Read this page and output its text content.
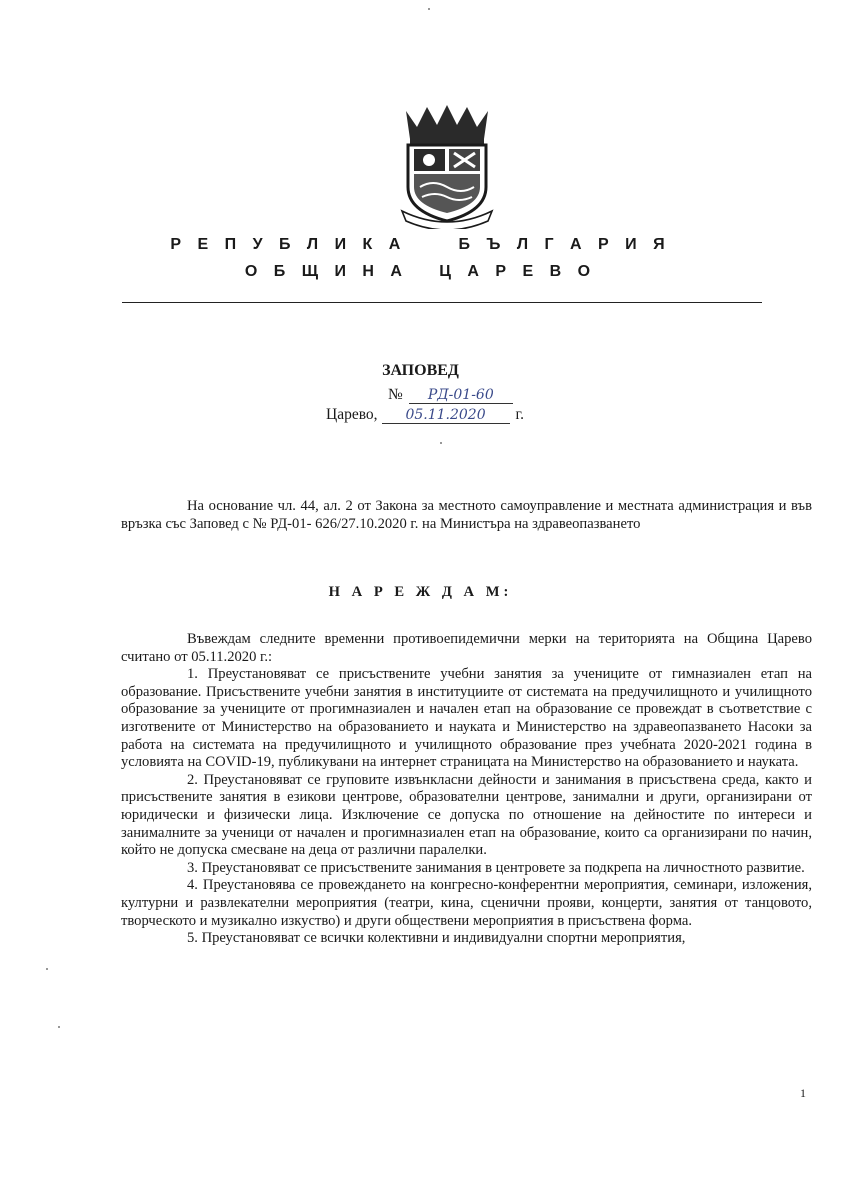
Р Е П У Б Л И К А     Б Ъ Л Г А Р И Я
О Б Щ И Н А   Ц А Р Е В О
ЗАПОВЕД
№ РД-01-60
Царево, 05.11.2020 г.

На основание чл. 44, ал. 2 от Закона за местното самоуправление и местната администрация и във връзка със Заповед с № РД-01- 626/27.10.2020 г. на Министъра на здравеопазването

Н А Р Е Ж Д А М:

Въвеждам следните временни противоепидемични мерки на територията на Община Царево считано от 05.11.2020 г.:

1. Преустановяват се присъствените учебни занятия за учениците от гимназиален етап на образование. Присъствените учебни занятия в институциите от системата на предучилищното и училищното образование за учениците от прогимназиален и начален етап на образование се провеждат в съответствие с изготвените от Министерство на образованието и науката и Министерство на здравеопазването Насоки за работа на системата на предучилищното и училищното образование през учебната 2020-2021 година в условията на COVID-19, публикувани на интернет страницата на Министерство на образованието и науката.

2. Преустановяват се груповите извънкласни дейности и занимания в присъствена среда, както и присъствените занятия в езикови центрове, образователни центрове, занимални и други, организирани от юридически и физически лица. Изключение се допуска по отношение на дейностите по интереси и занималните за ученици от начален и прогимназиален етап на образование, които са организирани по начин, който не допуска смесване на деца от различни паралелки.

3. Преустановяват се присъствените занимания в центровете за подкрепа на личностното развитие.

4. Преустановява се провеждането на конгресно-конферентни мероприятия, семинари, изложения, културни и развлекателни мероприятия (театри, кина, сценични прояви, концерти, занятия от танцовото, творческото и музикално изкуство) и други обществени мероприятия в присъствена форма.

5. Преустановяват се всички колективни и индивидуални спортни мероприятия,

1
